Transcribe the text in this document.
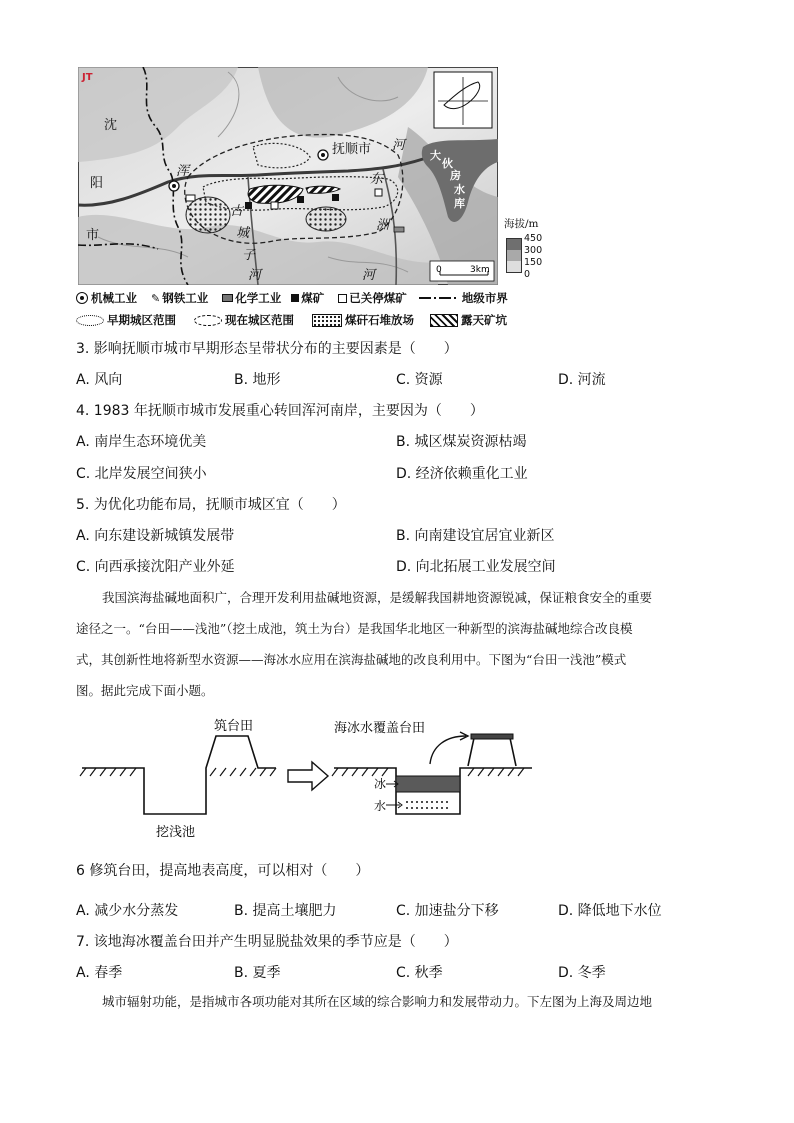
0	3km
JT
沈
阳
市
浑
河
抚顺市
东
洲
河
古
城
子
河
大
伙
房
水
库
海拔/m
450
300
150
0
机械工业 ✎ 钢铁工业 化学工业 煤矿 已关停煤矿	地级市界
早期城区范围	现在城区范围	煤矸石堆放场	露天矿坑
3. 影响抚顺市城市早期形态呈带状分布的主要因素是（　　）
A. 风向	B. 地形	C. 资源	D. 河流
4. 1983 年抚顺市城市发展重心转回浑河南岸，主要因为（　　）
A. 南岸生态环境优美	B. 城区煤炭资源枯竭
C. 北岸发展空间狭小	D. 经济依赖重化工业
5. 为优化功能布局，抚顺市城区宜（　　）
A. 向东建设新城镇发展带	B. 向南建设宜居宜业新区
C. 向西承接沈阳产业外延	D. 向北拓展工业发展空间
我国滨海盐碱地面积广，合理开发利用盐碱地资源，是缓解我国耕地资源锐减，保证粮食安全的重要
途径之一。“台田——浅池”（挖土成池，筑土为台）是我国华北地区一种新型的滨海盐碱地综合改良模
式，其创新性地将新型水资源——海冰水应用在滨海盐碱地的改良利用中。下图为“台田一浅池”模式
图。据此完成下面小题。
筑台田
挖浅池
冰
水
海冰水覆盖台田
6 修筑台田，提高地表高度，可以相对（　　）
A. 减少水分蒸发	B. 提高土壤肥力	C. 加速盐分下移	D. 降低地下水位
7. 该地海冰覆盖台田并产生明显脱盐效果的季节应是（　　）
A. 春季	B. 夏季	C. 秋季	D. 冬季
城市辐射功能，是指城市各项功能对其所在区域的综合影响力和发展带动力。下左图为上海及周边地
